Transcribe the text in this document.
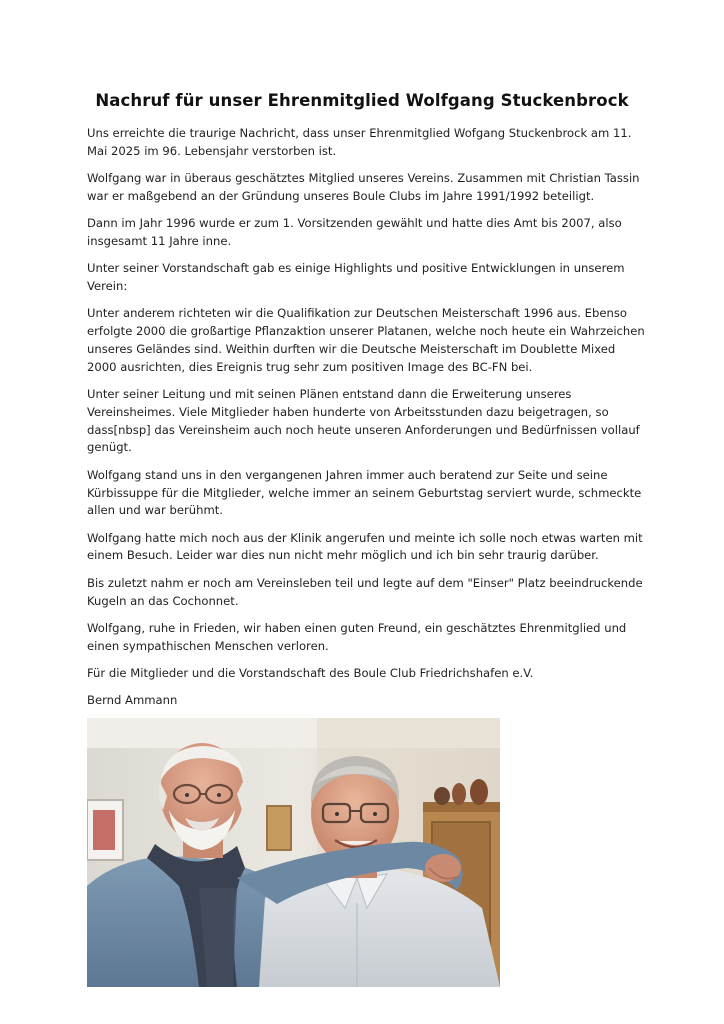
Nachruf für unser Ehrenmitglied Wolfgang Stuckenbrock

Uns erreichte die traurige Nachricht, dass unser Ehrenmitglied Wofgang Stuckenbrock am 11. Mai 2025 im 96. Lebensjahr verstorben ist.

Wolfgang war in überaus geschätztes Mitglied unseres Vereins. Zusammen mit Christian Tassin war er maßgebend an der Gründung unseres Boule Clubs im Jahre 1991/1992 beteiligt.

Dann im Jahr 1996 wurde er zum 1. Vorsitzenden gewählt und hatte dies Amt bis 2007, also insgesamt 11 Jahre inne.

Unter seiner Vorstandschaft gab es einige Highlights und positive Entwicklungen in unserem Verein:

Unter anderem richteten wir die Qualifikation zur Deutschen Meisterschaft 1996 aus. Ebenso erfolgte 2000 die großartige Pflanzaktion unserer Platanen, welche noch heute ein Wahrzeichen unseres Geländes sind. Weithin durften wir die Deutsche Meisterschaft im Doublette Mixed 2000 ausrichten, dies Ereignis trug sehr zum positiven Image des BC-FN bei.

Unter seiner Leitung und mit seinen Plänen entstand dann die Erweiterung unseres Vereinsheimes. Viele Mitglieder haben hunderte von Arbeitsstunden dazu beigetragen, so dass[nbsp] das Vereinsheim auch noch heute unseren Anforderungen und Bedürfnissen vollauf genügt.

Wolfgang stand uns in den vergangenen Jahren immer auch beratend zur Seite und seine Kürbissuppe für die Mitglieder, welche immer an seinem Geburtstag serviert wurde, schmeckte allen und war berühmt.

Wolfgang hatte mich noch aus der Klinik angerufen und meinte ich solle noch etwas warten mit einem Besuch. Leider war dies nun nicht mehr möglich und ich bin sehr traurig darüber.

Bis zuletzt nahm er noch am Vereinsleben teil und legte auf dem "Einser" Platz beeindruckende Kugeln an das Cochonnet.

Wolfgang, ruhe in Frieden, wir haben einen guten Freund, ein geschätztes Ehrenmitglied und einen sympathischen Menschen verloren.

Für die Mitglieder und die Vorstandschaft des Boule Club Friedrichshafen e.V.

Bernd Ammann
